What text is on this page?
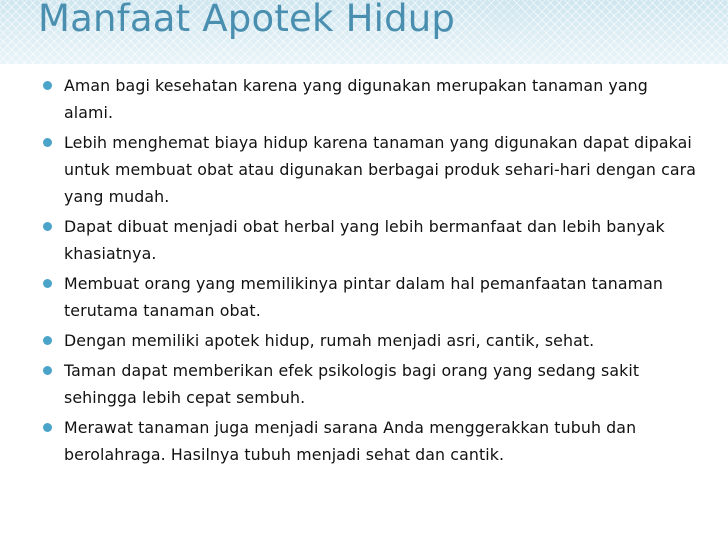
Manfaat Apotek Hidup
Aman bagi kesehatan karena yang digunakan merupakan tanaman yang alami.
Lebih menghemat biaya hidup karena tanaman yang digunakan dapat dipakai untuk membuat obat atau digunakan berbagai produk sehari-hari dengan cara yang mudah.
Dapat dibuat menjadi obat herbal yang lebih bermanfaat dan lebih banyak khasiatnya.
Membuat orang yang memilikinya pintar dalam hal pemanfaatan tanaman terutama tanaman obat.
Dengan memiliki apotek hidup, rumah menjadi asri, cantik, sehat.
Taman dapat memberikan efek psikologis bagi orang yang sedang sakit sehingga lebih cepat sembuh.
Merawat tanaman juga menjadi sarana Anda menggerakkan tubuh dan berolahraga. Hasilnya tubuh menjadi sehat dan cantik.
